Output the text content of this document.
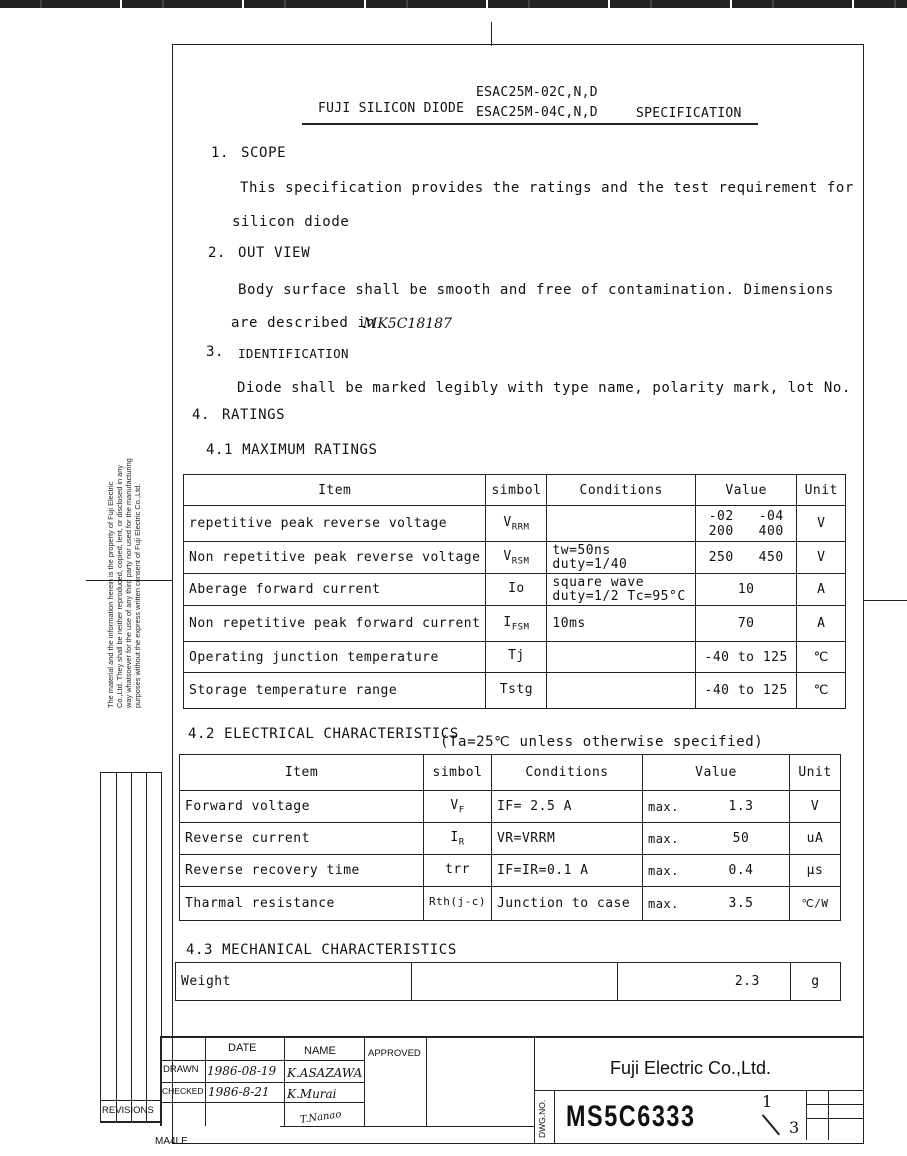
ESAC25M-02C,N,D
FUJI SILICON DIODE ESAC25M-04C,N,D	SPECIFICATION
1. SCOPE
This specification provides the ratings and the test requirement for
silicon diode
2. OUT VIEW
Body surface shall be smooth and free of contamination. Dimensions
are described in
MK5C18187
3. IDENTIFICATION
Diode shall be marked legibly with type name, polarity mark, lot No.
4. RATINGS
4.1 MAXIMUM RATINGS
Item	simbol	Conditions	Value	Unit
repetitive peak reverse voltage	$V_{RRM}$		-02   -04
200   400	V
Non repetitive peak reverse voltage	$V_{RSM}$	tw=50ns
duty=1/40	250   450	V
Aberage forward current	Io	square wave
duty=1/2 Tc=95°C	10	A
Non repetitive peak forward current	$I_{FSM}$	10ms	70	A
Operating junction temperature	Tj		-40 to 125	℃
Storage temperature range	Tstg		-40 to 125	℃
4.2 ELECTRICAL CHARACTERISTICS
(Ta=25℃ unless otherwise specified)
Item	simbol	Conditions	Value		Unit
Forward voltage	$V_F$	IF= 2.5 A	max.	1.3	V
Reverse current	$I_R$	VR=VRRM	max.	50	uA
Reverse recovery time	trr	IF=IR=0.1 A	max.	0.4	μs
Tharmal resistance	Rth(j-c)	Junction to case	max.	3.5	℃/W
4.3 MECHANICAL CHARACTERISTICS
Weight		2.3	g
The material and the information herein is the property of Fuji Electric Co.,Ltd. They shall be neither reproduced, copied, lent, or disclosed in any way whatsoever for the use of any third party nor used for the manufacturing purposes without the express written consent of Fuji Electric Co.,Ltd.
DATE	NAME	APPROVED
DRAWN
CHECKED
1986-08-19 K.ASAZAWA
1986-8-21 K.Murai
T.Nanao
REVISIONS
Fuji Electric Co.,Ltd.
DWG.NO. MS5C6333	1
3
MA4LE
